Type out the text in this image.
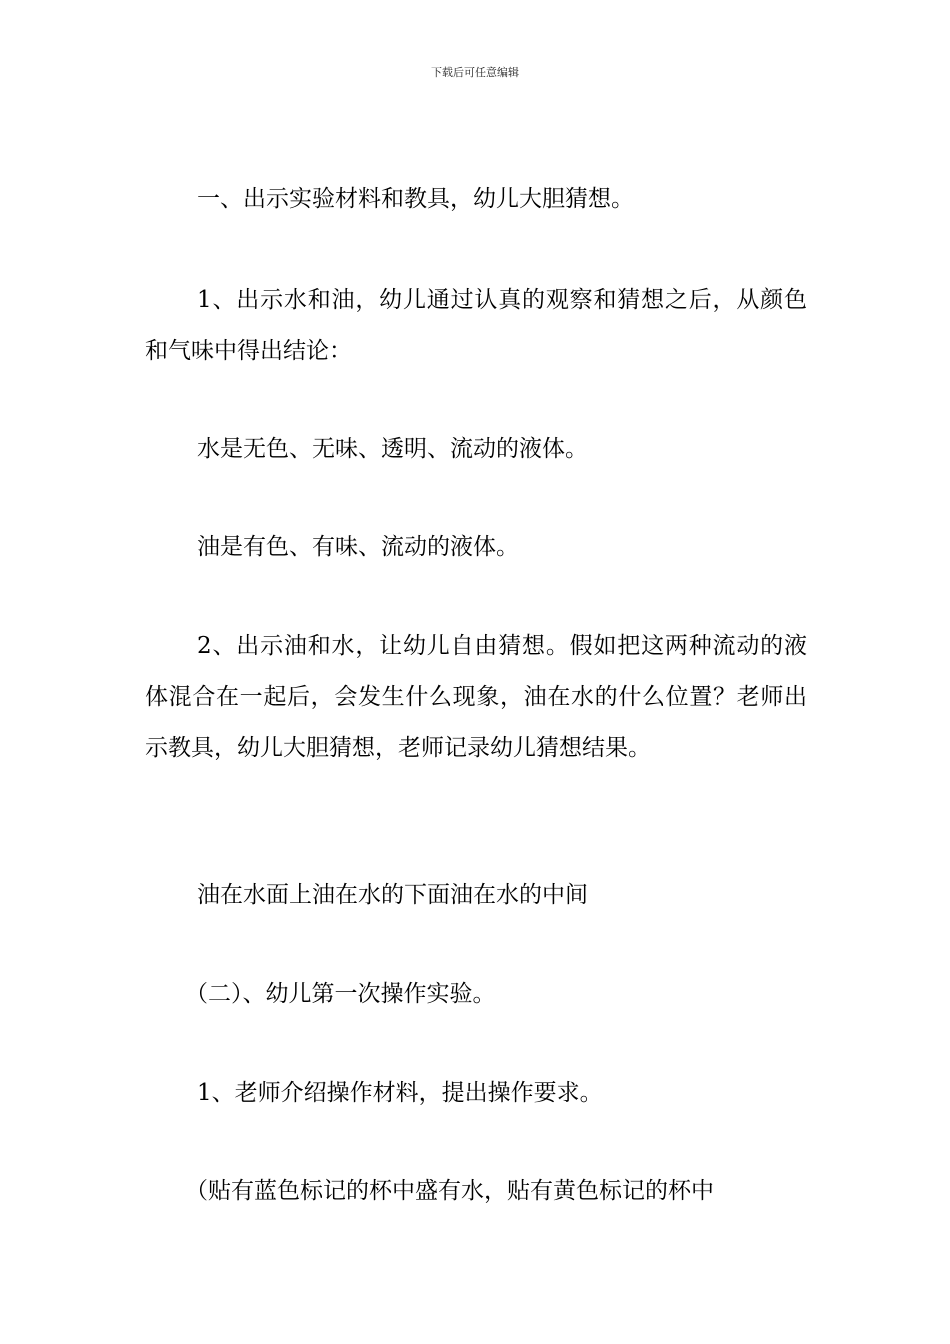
下载后可任意编辑

一、出示实验材料和教具，幼儿大胆猜想。

1、出示水和油，幼儿通过认真的观察和猜想之后，从颜色和气味中得出结论：

水是无色、无味、透明、流动的液体。

油是有色、有味、流动的液体。

2、出示油和水，让幼儿自由猜想。假如把这两种流动的液体混合在一起后，会发生什么现象，油在水的什么位置？老师出示教具，幼儿大胆猜想，老师记录幼儿猜想结果。

油在水面上油在水的下面油在水的中间

（二）、幼儿第一次操作实验。

1、老师介绍操作材料，提出操作要求。

（贴有蓝色标记的杯中盛有水，贴有黄色标记的杯中
